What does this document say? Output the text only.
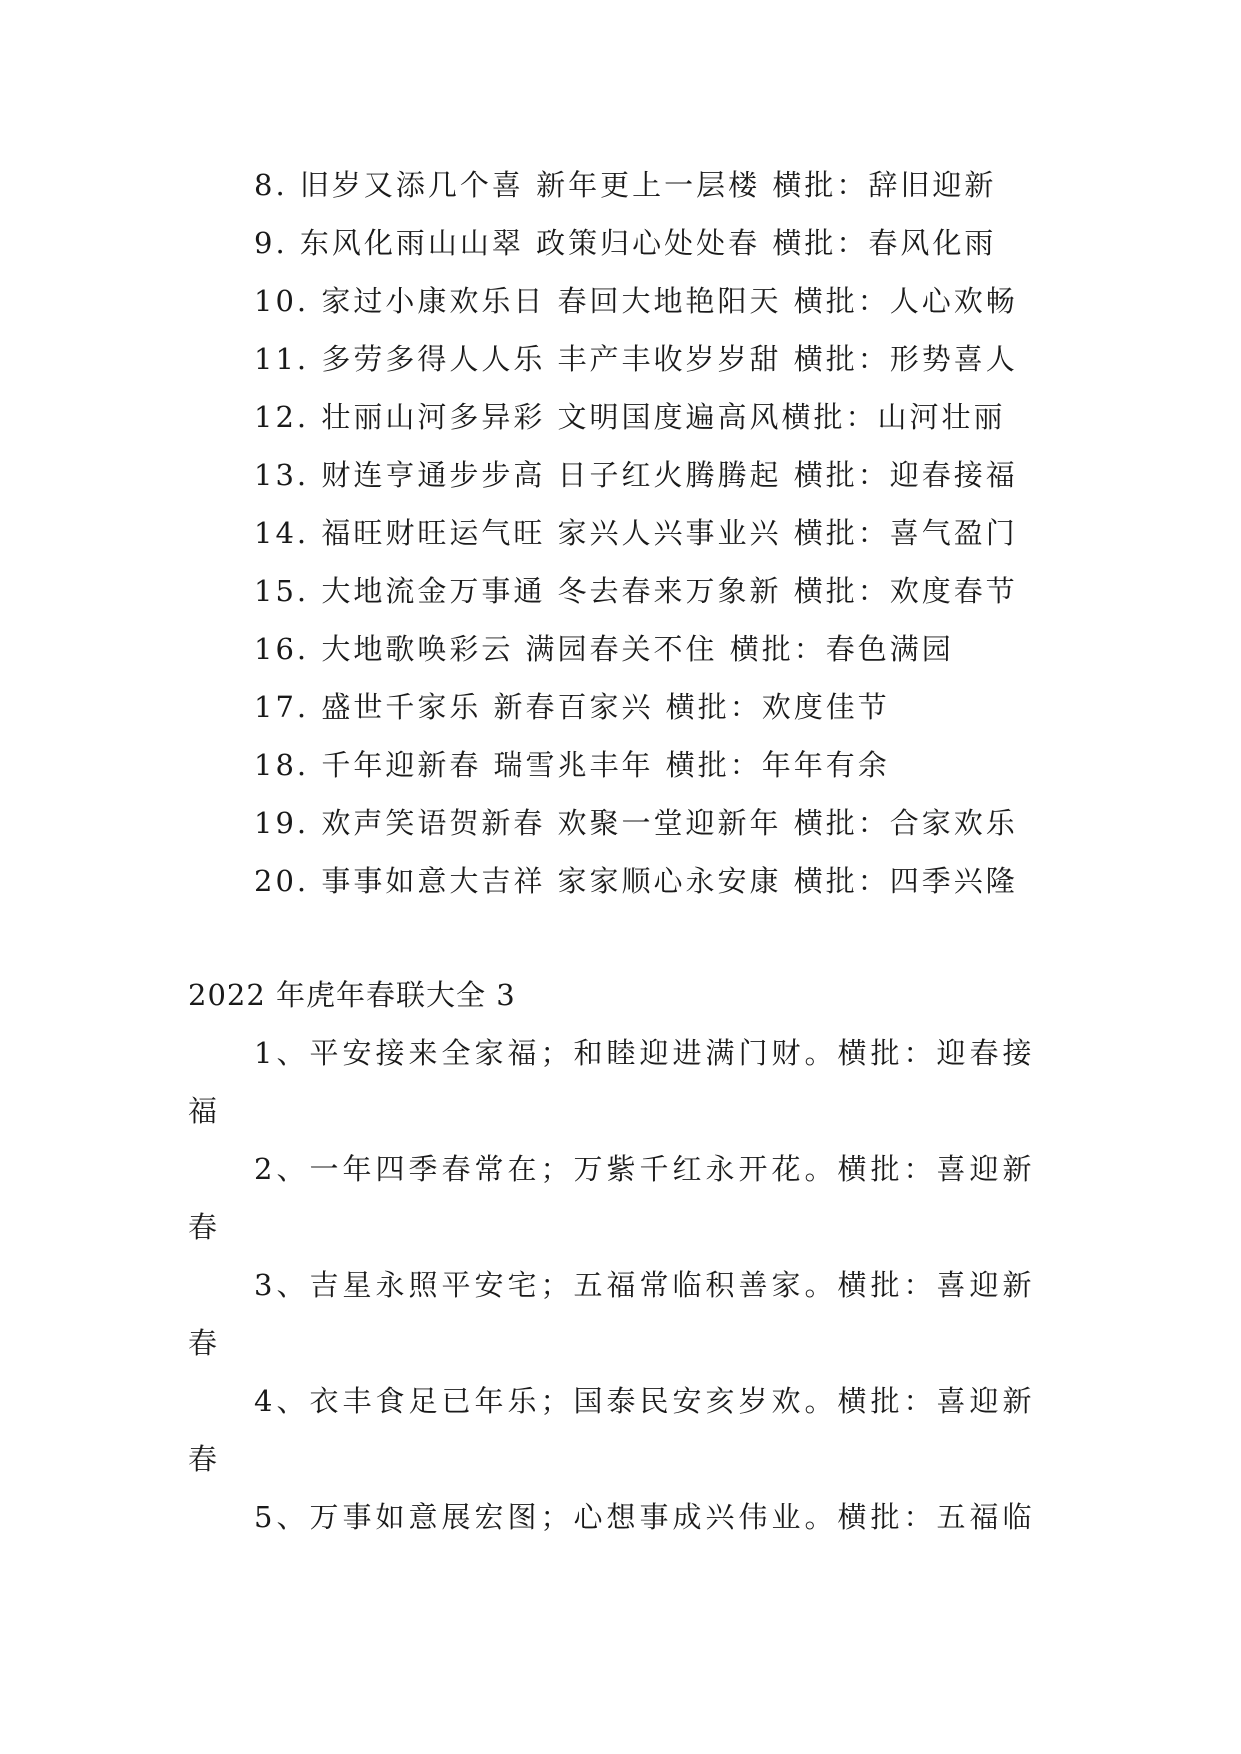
8. 旧岁又添几个喜 新年更上一层楼 横批：辞旧迎新
9. 东风化雨山山翠 政策归心处处春 横批：春风化雨
10. 家过小康欢乐日 春回大地艳阳天 横批：人心欢畅
11. 多劳多得人人乐 丰产丰收岁岁甜 横批：形势喜人
12. 壮丽山河多异彩 文明国度遍高风横批：山河壮丽
13. 财连亨通步步高 日子红火腾腾起 横批：迎春接福
14. 福旺财旺运气旺 家兴人兴事业兴 横批：喜气盈门
15. 大地流金万事通 冬去春来万象新 横批：欢度春节
16. 大地歌唤彩云 满园春关不住 横批：春色满园
17. 盛世千家乐 新春百家兴 横批：欢度佳节
18. 千年迎新春 瑞雪兆丰年 横批：年年有余
19. 欢声笑语贺新春 欢聚一堂迎新年 横批：合家欢乐
20. 事事如意大吉祥 家家顺心永安康 横批：四季兴隆
2022 年虎年春联大全 3

1、平安接来全家福；和睦迎进满门财。横批：迎春接福

2、一年四季春常在；万紫千红永开花。横批：喜迎新春

3、吉星永照平安宅；五福常临积善家。横批：喜迎新春

4、衣丰食足已年乐；国泰民安亥岁欢。横批：喜迎新春

5、万事如意展宏图；心想事成兴伟业。横批：五福临
